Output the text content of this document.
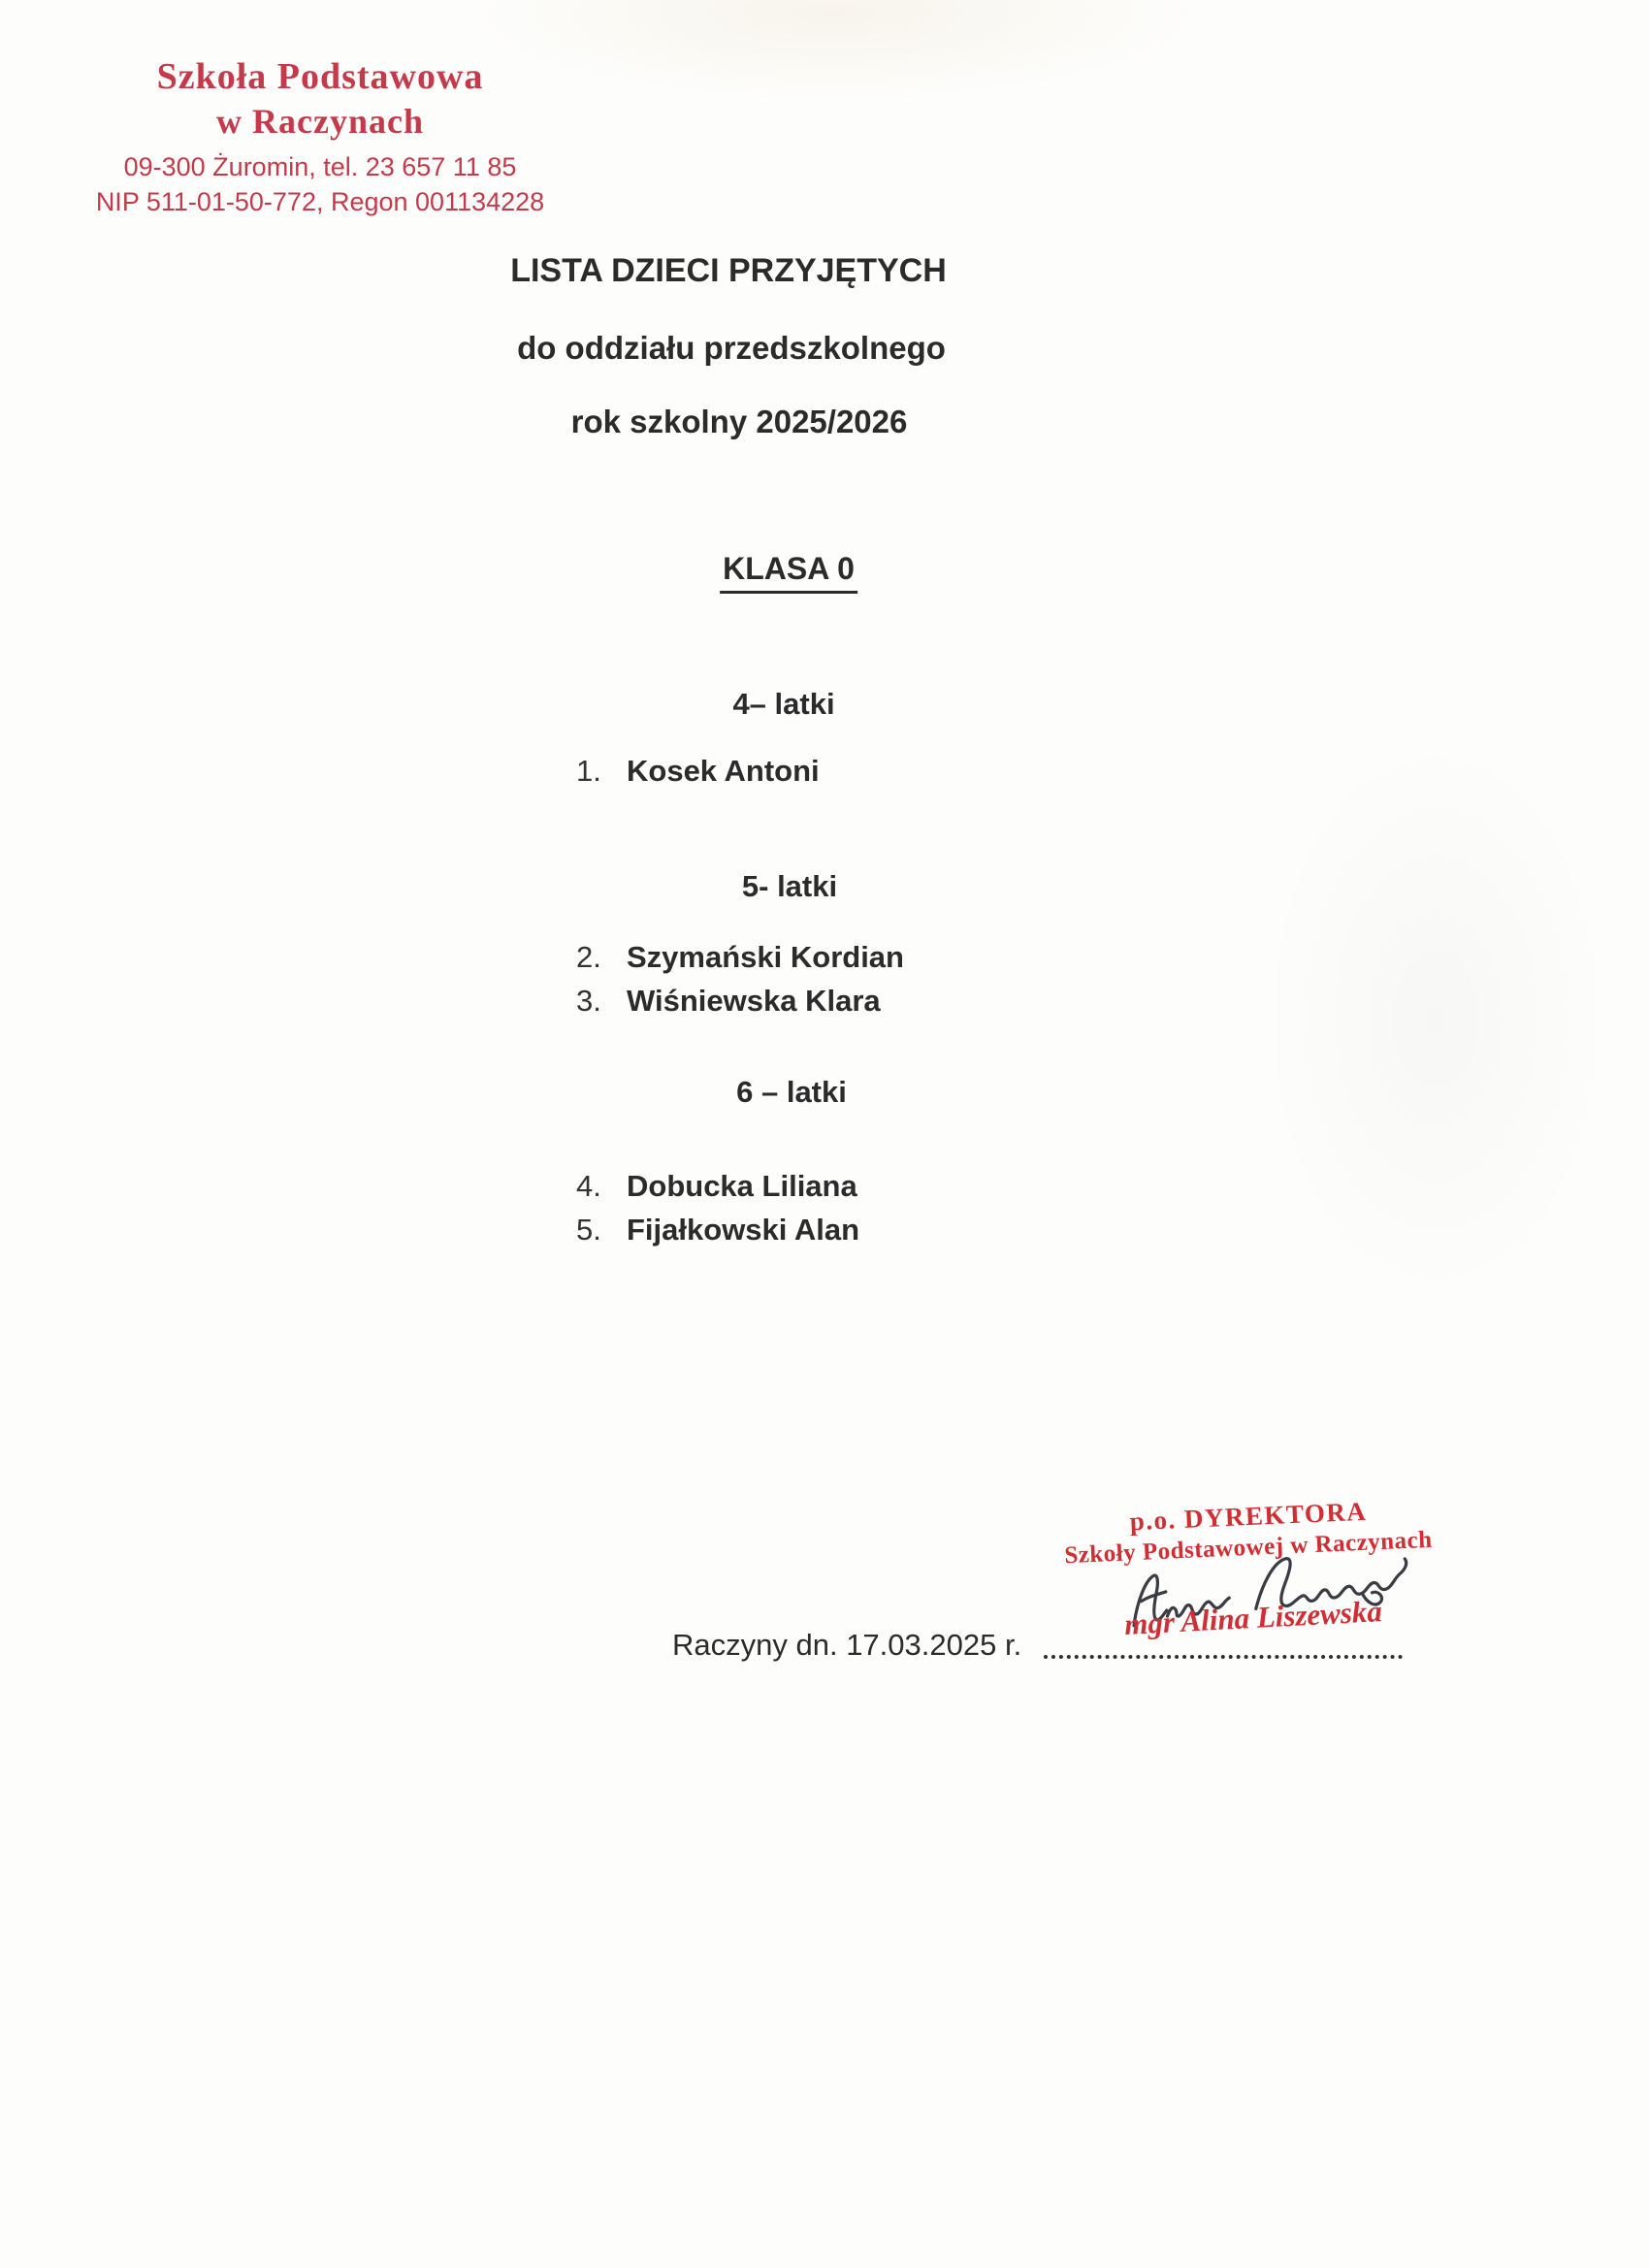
Szkoła Podstawowa
w Raczynach
09-300 Żuromin, tel. 23 657 11 85
NIP 511-01-50-772, Regon 001134228
LISTA DZIECI PRZYJĘTYCH
do oddziału przedszkolnego
rok szkolny 2025/2026
KLASA 0
4– latki
1. Kosek Antoni
5- latki
2. Szymański Kordian
3. Wiśniewska Klara
6 – latki
4. Dobucka Liliana
5. Fijałkowski Alan
p.o. DYREKTORA
Szkoły Podstawowej w Raczynach
mgr Alina Liszewska
Raczyny dn. 17.03.2025 r.
